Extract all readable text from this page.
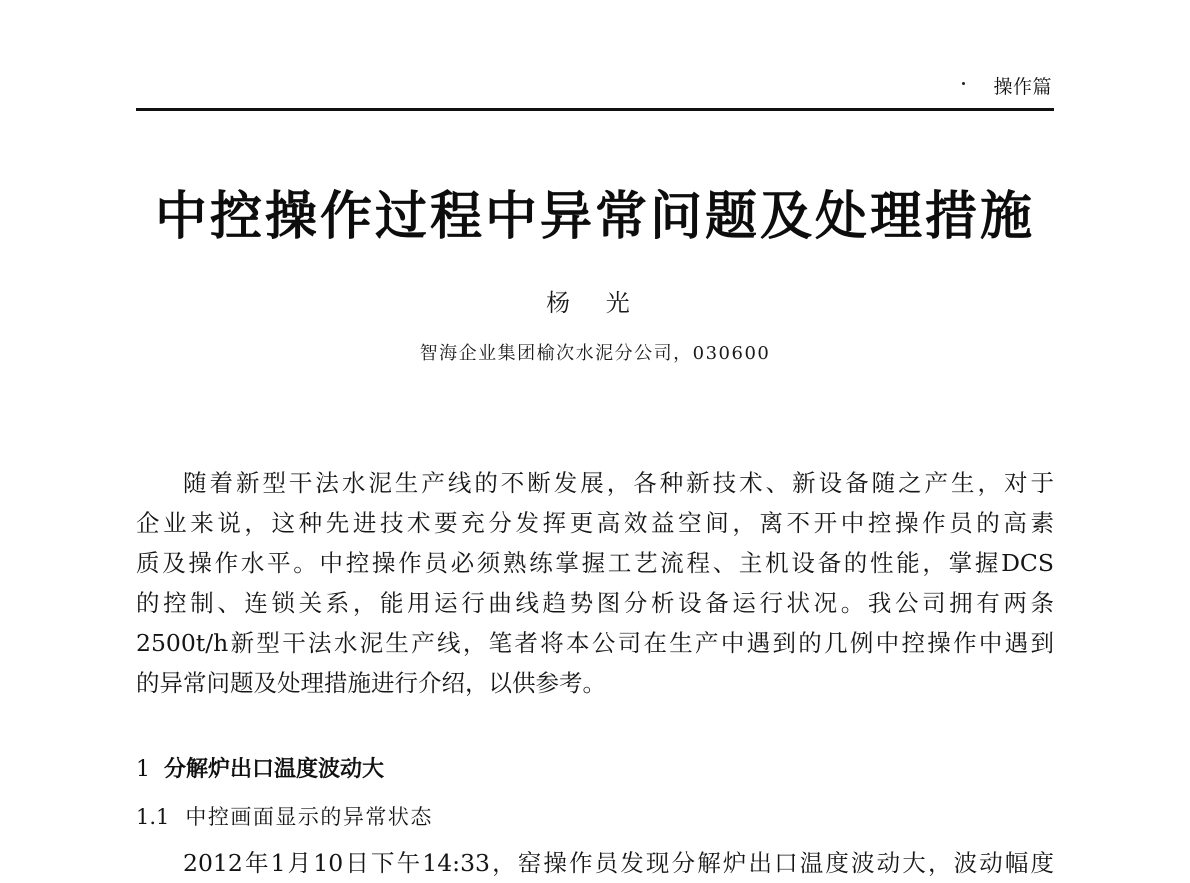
操作篇
中控操作过程中异常问题及处理措施
杨 光
智海企业集团榆次水泥分公司，030600
随着新型干法水泥生产线的不断发展，各种新技术、新设备随之产生，对于
企业来说，这种先进技术要充分发挥更高效益空间，离不开中控操作员的高素
质及操作水平。中控操作员必须熟练掌握工艺流程、主机设备的性能，掌握DCS
的控制、连锁关系，能用运行曲线趋势图分析设备运行状况。我公司拥有两条
2500t/h新型干法水泥生产线，笔者将本公司在生产中遇到的几例中控操作中遇到
的异常问题及处理措施进行介绍，以供参考。
1 分解炉出口温度波动大
1.1 中控画面显示的异常状态
2012年1月10日下午14:33，窑操作员发现分解炉出口温度波动大，波动幅度
